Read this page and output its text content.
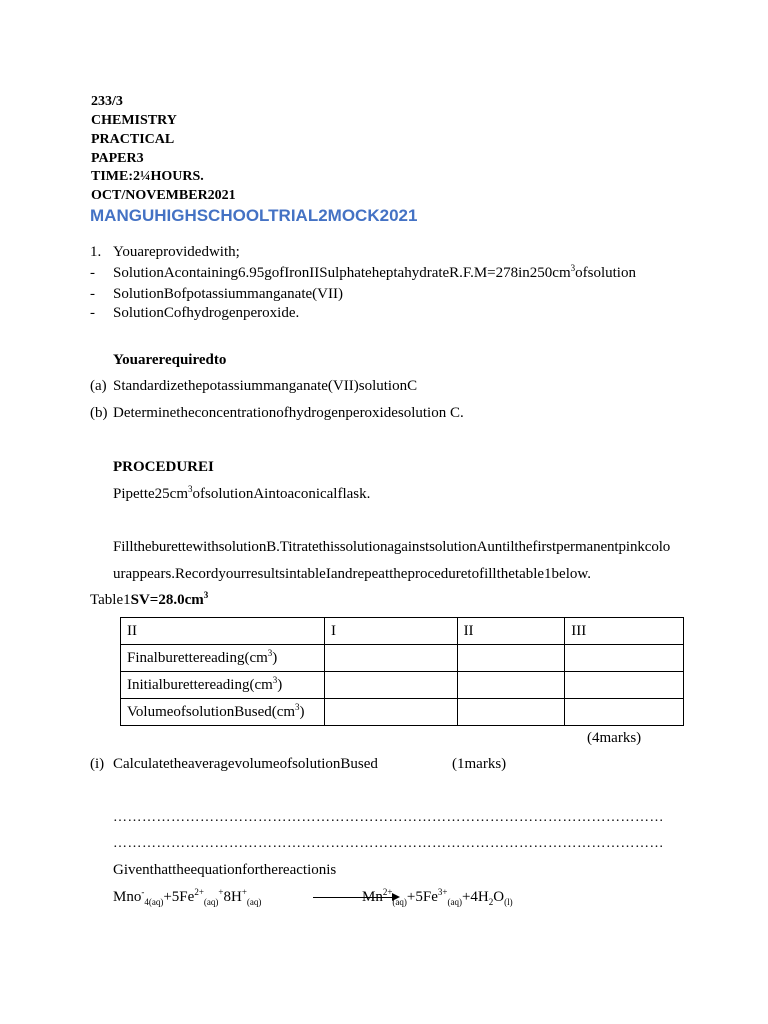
233/3
CHEMISTRY
PRACTICAL
PAPER3
TIME:2¼HOURS.
OCT/NOVEMBER2021
MANGUHIGHSCHOOLTRIAL2MOCK2021
1. Youareprovidedwith;
- $SolutionAcontaining6.95gofIronIISulphateheptahydrateR.F.M=278in250cm^3ofsolution$
- SolutionBofpotassiummanganate(VII)
- SolutionCofhydrogenperoxide.
Youarerequiredto
(a) Standardizethepotassiummanganate(VII)solutionC
(b) Determinetheconcentrationofhydrogenperoxidesolution C.
PROCEDUREI
$Pipette25cm^3ofsolutionAintoaconicalflask$.
FilltheburettewithsolutionB.TitratethissolutionagainstsolutionAuntilthefirstpermanentpinkcolo
urappears.RecordyourresultsintableIandrepeattheproceduretofillthetable1below.
$Table1SV=28.0cm^3$
II	I	II	III
$Finalburettereading(cm^3)$			
$Initialburettereading(cm^3)$			
$VolumeofsolutionBused(cm^3)$			
(4marks)
(i) CalculatetheaveragevolumeofsolutionBused	(1marks)
……………………………………………………………………………………………………
……………………………………………………………………………………………………
Giventhattheequationforthereactionis
$Mno^-_{4(aq)}+5Fe^{2+}_{(aq)}^+8H^+_{(aq)}$	$Mn^{2+}_{(aq)}+5Fe^{3+}_{(aq)}+4H_2O_{(l)}$
